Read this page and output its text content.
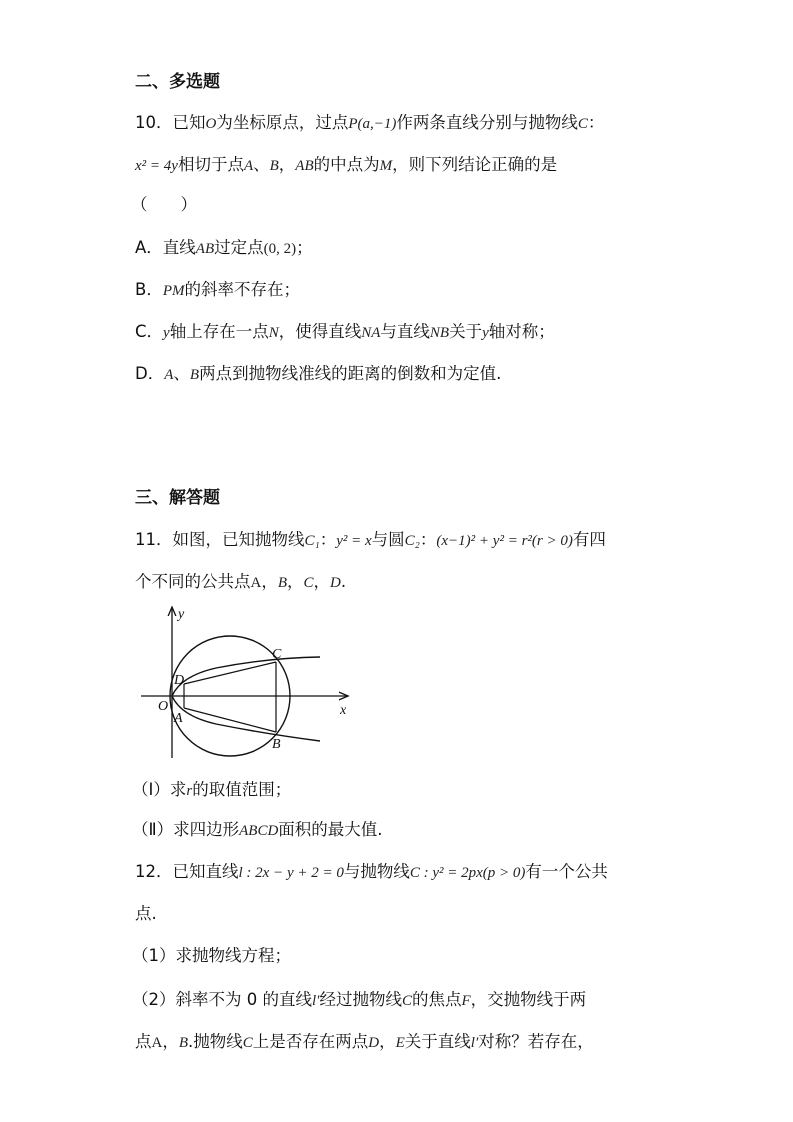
二、多选题
10．已知O为坐标原点，过点P(a,−1)作两条直线分别与抛物线C：
x² = 4y相切于点A、B，AB的中点为M，则下列结论正确的是
（　　）
A．直线AB过定点(0, 2)；
B．PM的斜率不存在；
C．y轴上存在一点N，使得直线NA与直线NB关于y轴对称；
D．A、B两点到抛物线准线的距离的倒数和为定值.
三、解答题
11．如图，已知抛物线C₁：y² = x与圆C₂：(x−1)² + y² = r²(r > 0)有四
个不同的公共点A，B，C，D.
y
x
O
D
A
C
B
（Ⅰ）求r的取值范围；
（Ⅱ）求四边形ABCD面积的最大值.
12．已知直线l : 2x − y + 2 = 0与抛物线C : y² = 2px(p > 0)有一个公共
点.
（1）求抛物线方程；
（2）斜率不为 0 的直线l′经过抛物线C的焦点F，交抛物线于两
点A，B.抛物线C上是否存在两点D，E关于直线l′对称？若存在，
